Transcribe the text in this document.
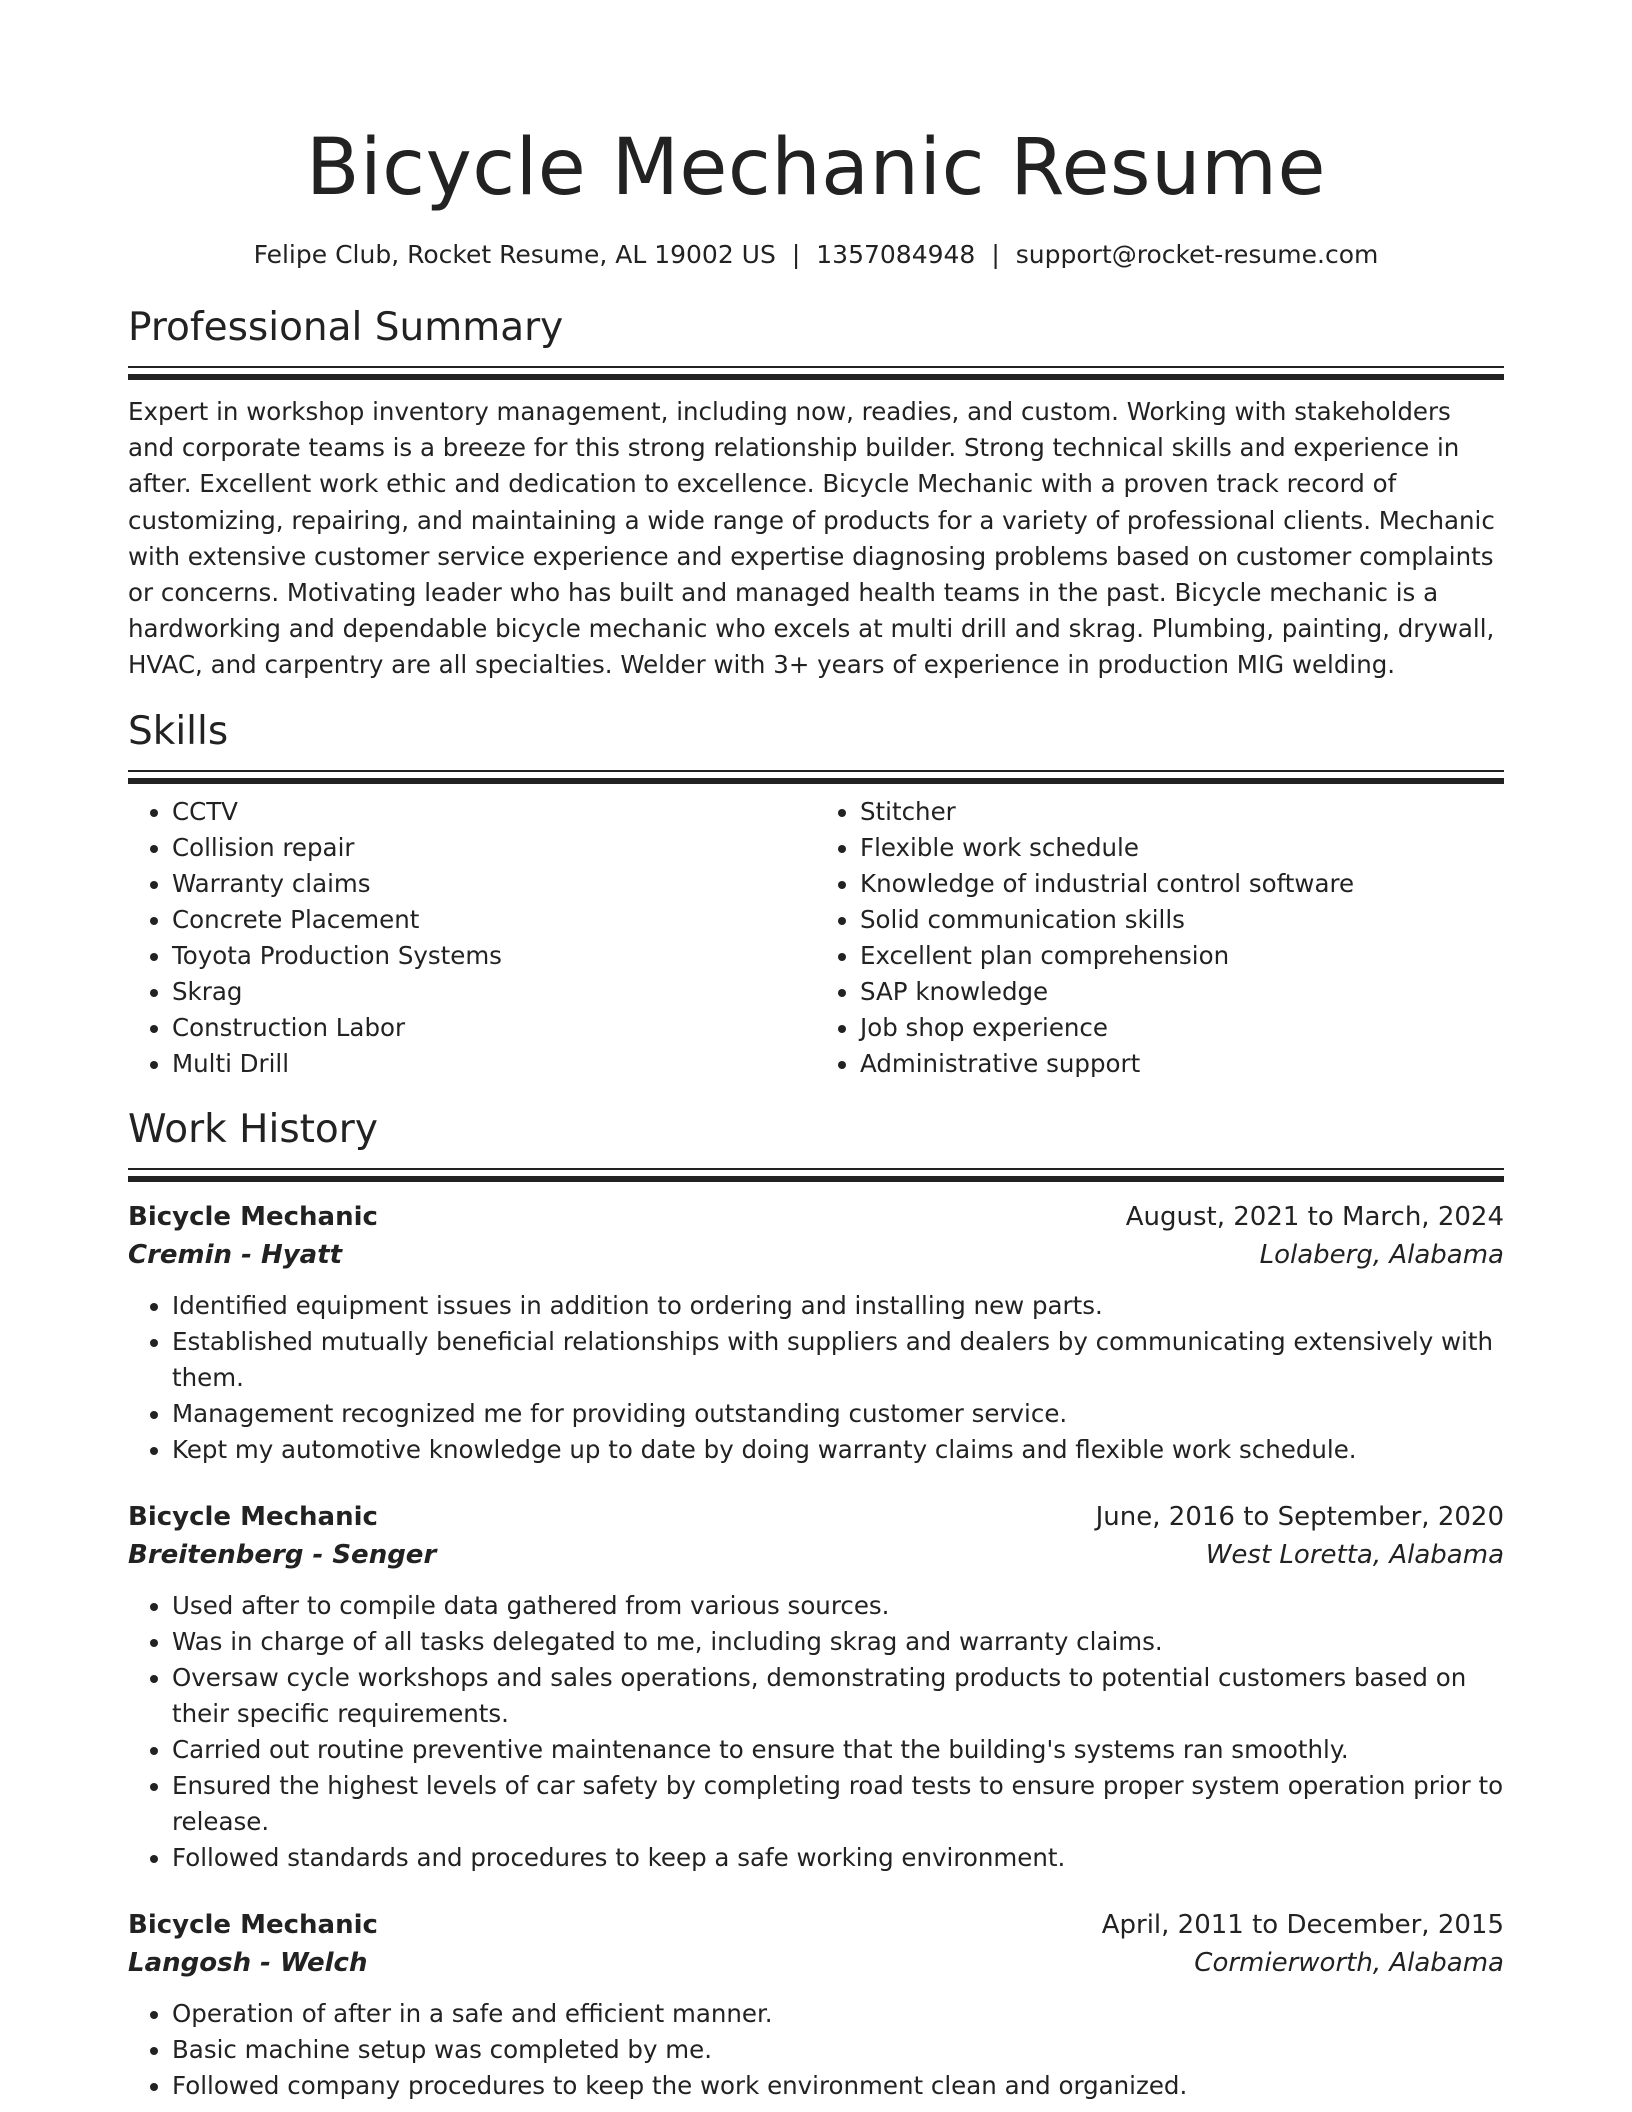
Bicycle Mechanic Resume
Felipe Club, Rocket Resume, AL 19002 US | 1357084948 | support@rocket-resume.com
Professional Summary

Expert in workshop inventory management, including now, readies, and custom. Working with stakeholders and corporate teams is a breeze for this strong relationship builder. Strong technical skills and experience in after. Excellent work ethic and dedication to excellence. Bicycle Mechanic with a proven track record of customizing, repairing, and maintaining a wide range of products for a variety of professional clients. Mechanic with extensive customer service experience and expertise diagnosing problems based on customer complaints or concerns. Motivating leader who has built and managed health teams in the past. Bicycle mechanic is a hardworking and dependable bicycle mechanic who excels at multi drill and skrag. Plumbing, painting, drywall, HVAC, and carpentry are all specialties. Welder with 3+ years of experience in production MIG welding.

Skills
• CCTV
• Collision repair
• Warranty claims
• Concrete Placement
• Toyota Production Systems
• Skrag
• Construction Labor
• Multi Drill
• Stitcher
• Flexible work schedule
• Knowledge of industrial control software
• Solid communication skills
• Excellent plan comprehension
• SAP knowledge
• Job shop experience
• Administrative support
Work History
Bicycle Mechanic	August, 2021 to March, 2024
Cremin - Hyatt	Lolaberg, Alabama
• Identified equipment issues in addition to ordering and installing new parts.
• Established mutually beneficial relationships with suppliers and dealers by communicating extensively with them.
• Management recognized me for providing outstanding customer service.
• Kept my automotive knowledge up to date by doing warranty claims and flexible work schedule.
Bicycle Mechanic	June, 2016 to September, 2020
Breitenberg - Senger	West Loretta, Alabama
• Used after to compile data gathered from various sources.
• Was in charge of all tasks delegated to me, including skrag and warranty claims.
• Oversaw cycle workshops and sales operations, demonstrating products to potential customers based on their specific requirements.
• Carried out routine preventive maintenance to ensure that the building's systems ran smoothly.
• Ensured the highest levels of car safety by completing road tests to ensure proper system operation prior to release.
• Followed standards and procedures to keep a safe working environment.
Bicycle Mechanic	April, 2011 to December, 2015
Langosh - Welch	Cormierworth, Alabama
• Operation of after in a safe and efficient manner.
• Basic machine setup was completed by me.
• Followed company procedures to keep the work environment clean and organized.
